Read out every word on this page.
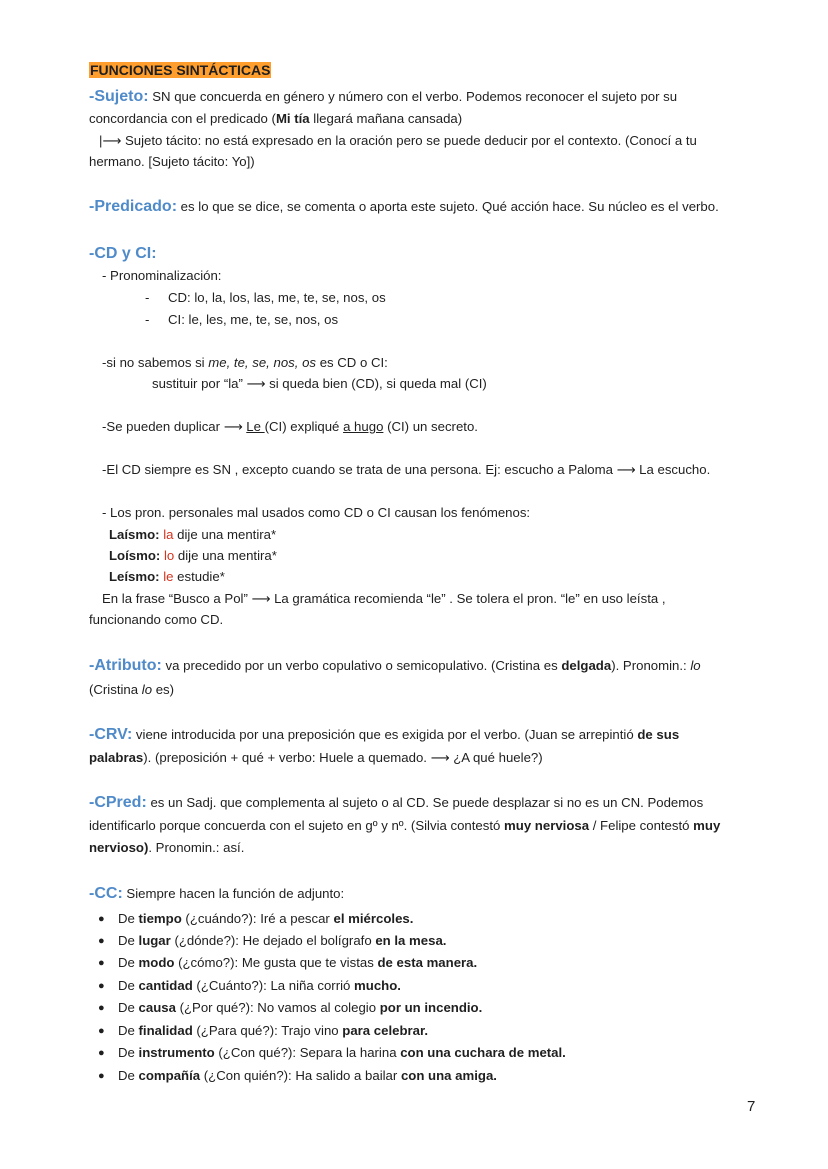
FUNCIONES SINTÁCTICAS
-Sujeto: SN que concuerda en género y número con el verbo. Podemos reconocer el sujeto por su
concordancia con el predicado (Mi tía llegará mañana cansada)
|⟶ Sujeto tácito: no está expresado en la oración pero se puede deducir por el contexto. (Conocí a tu
hermano. [Sujeto tácito: Yo])
-Predicado: es lo que se dice, se comenta o aporta este sujeto. Qué acción hace. Su núcleo es el verbo.
-CD y CI:
- Pronominalización:
- CD: lo, la, los, las, me, te, se, nos, os
- CI: le, les, me, te, se, nos, os
-si no sabemos si me, te, se, nos, os es CD o CI:
sustituir por “la” ⟶ si queda bien (CD), si queda mal (CI)
-Se pueden duplicar ⟶ Le (CI) expliqué a hugo (CI) un secreto.
-El CD siempre es SN , excepto cuando se trata de una persona. Ej: escucho a Paloma ⟶ La escucho.
- Los pron. personales mal usados como CD o CI causan los fenómenos:
Laísmo: la dije una mentira*
Loísmo: lo dije una mentira*
Leísmo: le estudie*
En la frase “Busco a Pol” ⟶ La gramática recomienda “le” . Se tolera el pron. “le” en uso leísta ,
funcionando como CD.
-Atributo: va precedido por un verbo copulativo o semicopulativo. (Cristina es delgada). Pronomin.: lo
(Cristina lo es)
-CRV: viene introducida por una preposición que es exigida por el verbo. (Juan se arrepintió de sus
palabras). (preposición + qué + verbo: Huele a quemado. ⟶ ¿A qué huele?)
-CPred: es un Sadj. que complementa al sujeto o al CD. Se puede desplazar si no es un CN. Podemos
identificarlo porque concuerda con el sujeto en gº y nº. (Silvia contestó muy nerviosa / Felipe contestó muy
nervioso). Pronomin.: así.
-CC: Siempre hacen la función de adjunto:
● De tiempo (¿cuándo?): Iré a pescar el miércoles.
● De lugar (¿dónde?): He dejado el bolígrafo en la mesa.
● De modo (¿cómo?): Me gusta que te vistas de esta manera.
● De cantidad (¿Cuánto?): La niña corrió mucho.
● De causa (¿Por qué?): No vamos al colegio por un incendio.
● De finalidad (¿Para qué?): Trajo vino para celebrar.
● De instrumento (¿Con qué?): Separa la harina con una cuchara de metal.
● De compañía (¿Con quién?): Ha salido a bailar con una amiga.
7
